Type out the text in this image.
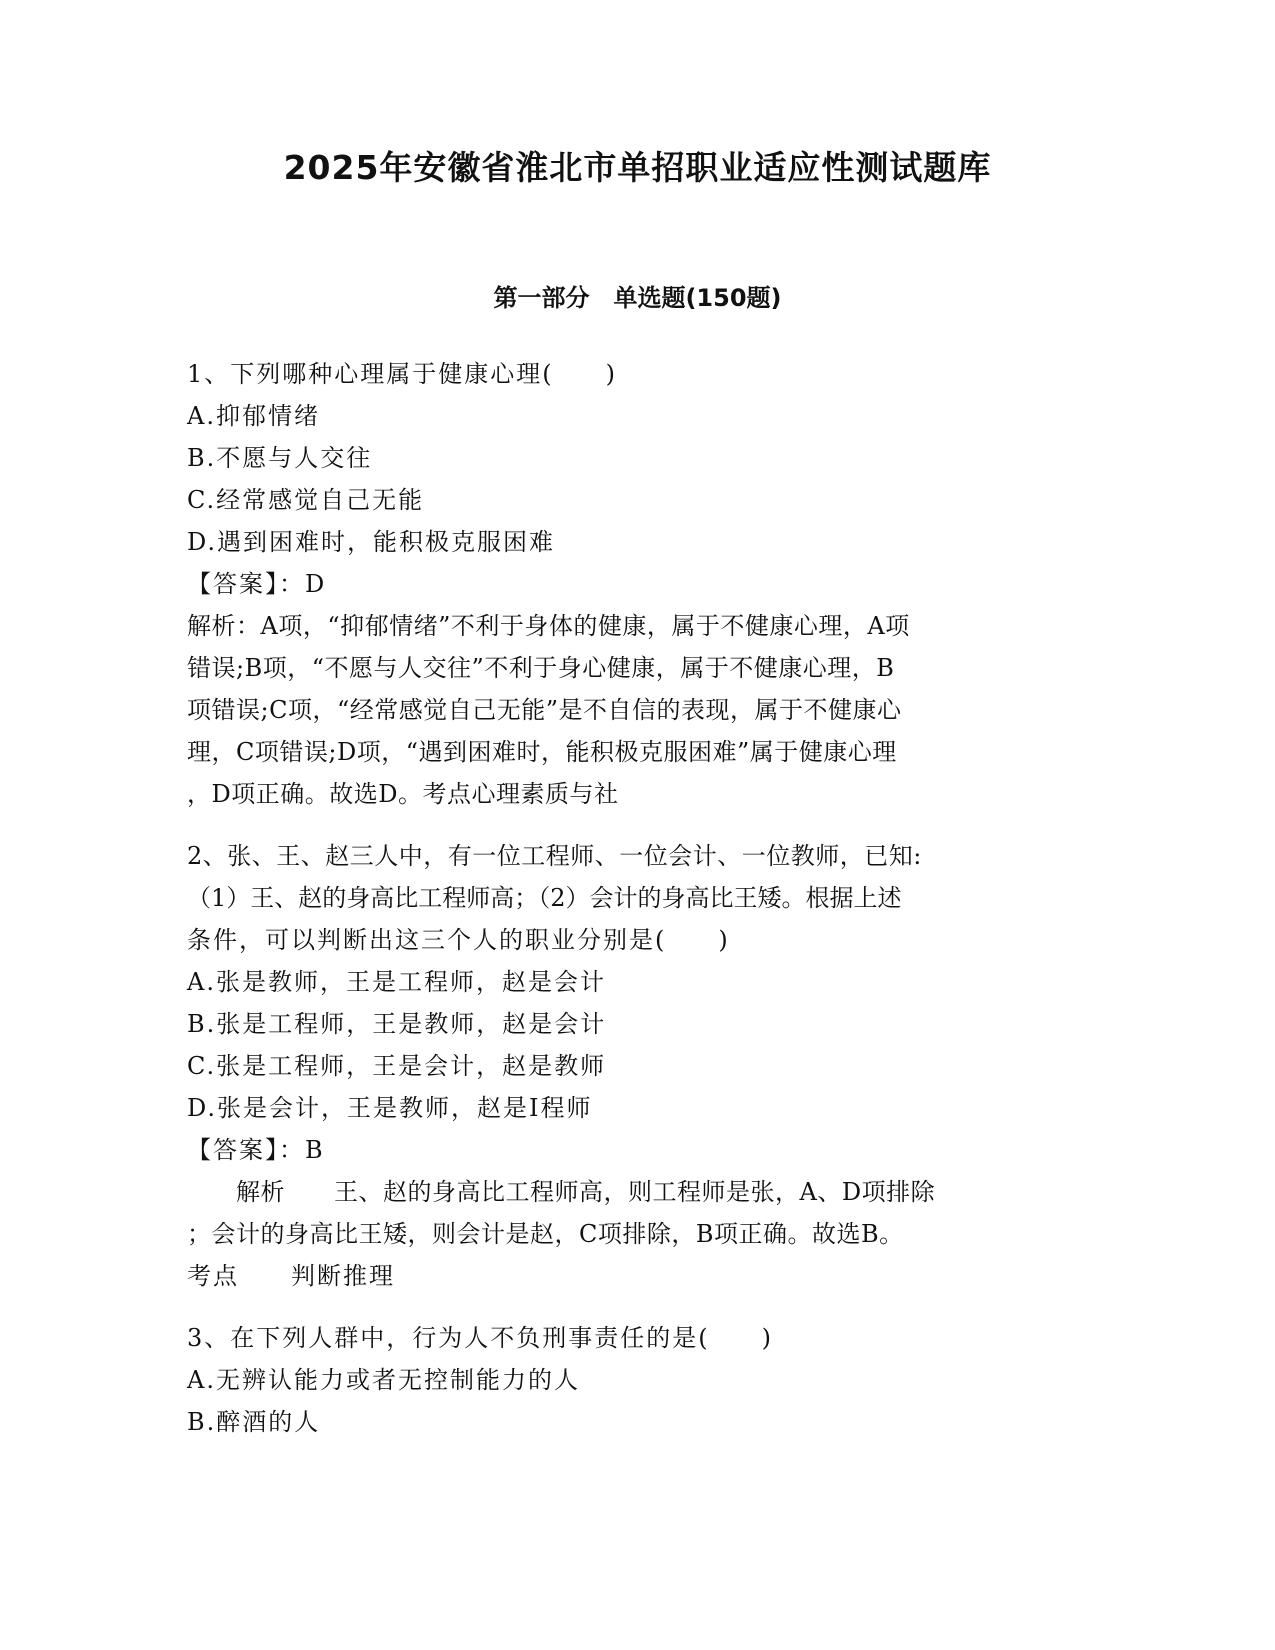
2025年安徽省淮北市单招职业适应性测试题库
第一部分　单选题(150题)
1、下列哪种心理属于健康心理(　　)
A.抑郁情绪
B.不愿与人交往
C.经常感觉自己无能
D.遇到困难时，能积极克服困难
【答案】：D
解析：A项，“抑郁情绪”不利于身体的健康，属于不健康心理，A项
错误;B项，“不愿与人交往”不利于身心健康，属于不健康心理，B
项错误;C项，“经常感觉自己无能”是不自信的表现，属于不健康心
理，C项错误;D项，“遇到困难时，能积极克服困难”属于健康心理
，D项正确。故选D。考点心理素质与社
2、张、王、赵三人中，有一位工程师、一位会计、一位教师，已知:
（1）王、赵的身高比工程师高；（2）会计的身高比王矮。根据上述
条件，可以判断出这三个人的职业分别是(　　)
A.张是教师，王是工程师，赵是会计
B.张是工程师，王是教师，赵是会计
C.张是工程师，王是会计，赵是教师
D.张是会计，王是教师，赵是I程师
【答案】：B
　　解析　　王、赵的身高比工程师高，则工程师是张，A、D项排除
；会计的身高比王矮，则会计是赵，C项排除，B项正确。故选B。
考点　　判断推理
3、在下列人群中，行为人不负刑事责任的是(　　)
A.无辨认能力或者无控制能力的人
B.醉酒的人
